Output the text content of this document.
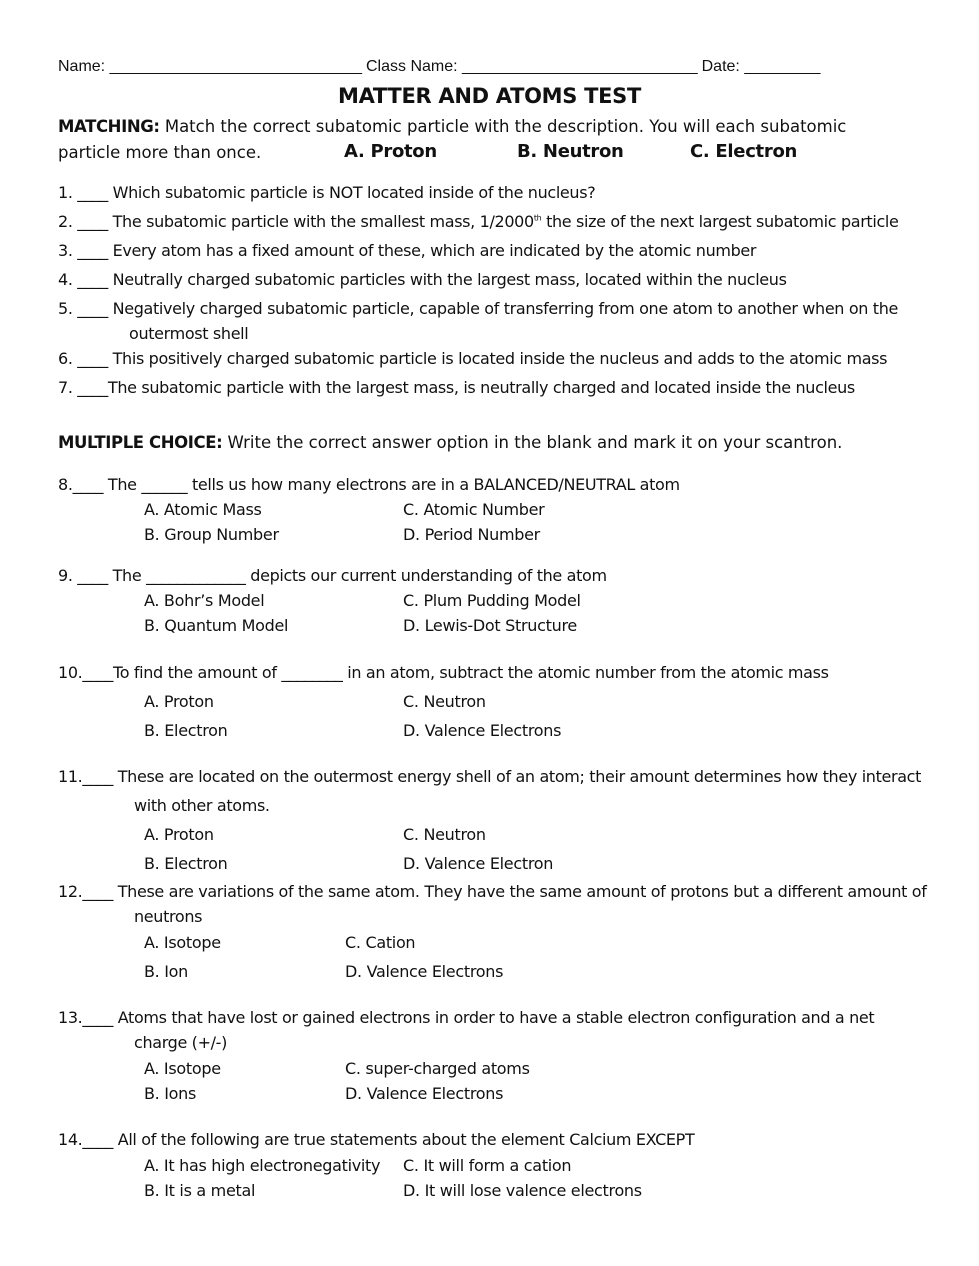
Name: ______________________________ Class Name: ____________________________ Date: _________
MATTER AND ATOMS TEST
MATCHING: Match the correct subatomic particle with the description. You will each subatomic
particle more than once.	A. Proton	B. Neutron	C. Electron
1. ____ Which subatomic particle is NOT located inside of the nucleus?
2. ____ The subatomic particle with the smallest mass, 1/2000th the size of the next largest subatomic particle
3. ____ Every atom has a fixed amount of these, which are indicated by the atomic number
4. ____ Neutrally charged subatomic particles with the largest mass, located within the nucleus
5. ____ Negatively charged subatomic particle, capable of transferring from one atom to another when on the
outermost shell
6. ____ This positively charged subatomic particle is located inside the nucleus and adds to the atomic mass
7. ____The subatomic particle with the largest mass, is neutrally charged and located inside the nucleus
MULTIPLE CHOICE: Write the correct answer option in the blank and mark it on your scantron.
8.____ The ______ tells us how many electrons are in a BALANCED/NEUTRAL atom
A. Atomic Mass	C. Atomic Number
B. Group Number	D. Period Number
9. ____ The _____________ depicts our current understanding of the atom
A. Bohr’s Model	C. Plum Pudding Model
B. Quantum Model	D. Lewis-Dot Structure
10.____To find the amount of ________ in an atom, subtract the atomic number from the atomic mass
A. Proton	C. Neutron
B. Electron	D. Valence Electrons
11.____ These are located on the outermost energy shell of an atom; their amount determines how they interact
with other atoms.
A. Proton	C. Neutron
B. Electron	D. Valence Electron
12.____ These are variations of the same atom. They have the same amount of protons but a different amount of
neutrons
A. Isotope	C. Cation
B. Ion	D. Valence Electrons
13.____ Atoms that have lost or gained electrons in order to have a stable electron configuration and a net
charge (+/-)
A. Isotope	C. super-charged atoms
B. Ions	D. Valence Electrons
14.____ All of the following are true statements about the element Calcium EXCEPT
A. It has high electronegativity C. It will form a cation
B. It is a metal	D. It will lose valence electrons
